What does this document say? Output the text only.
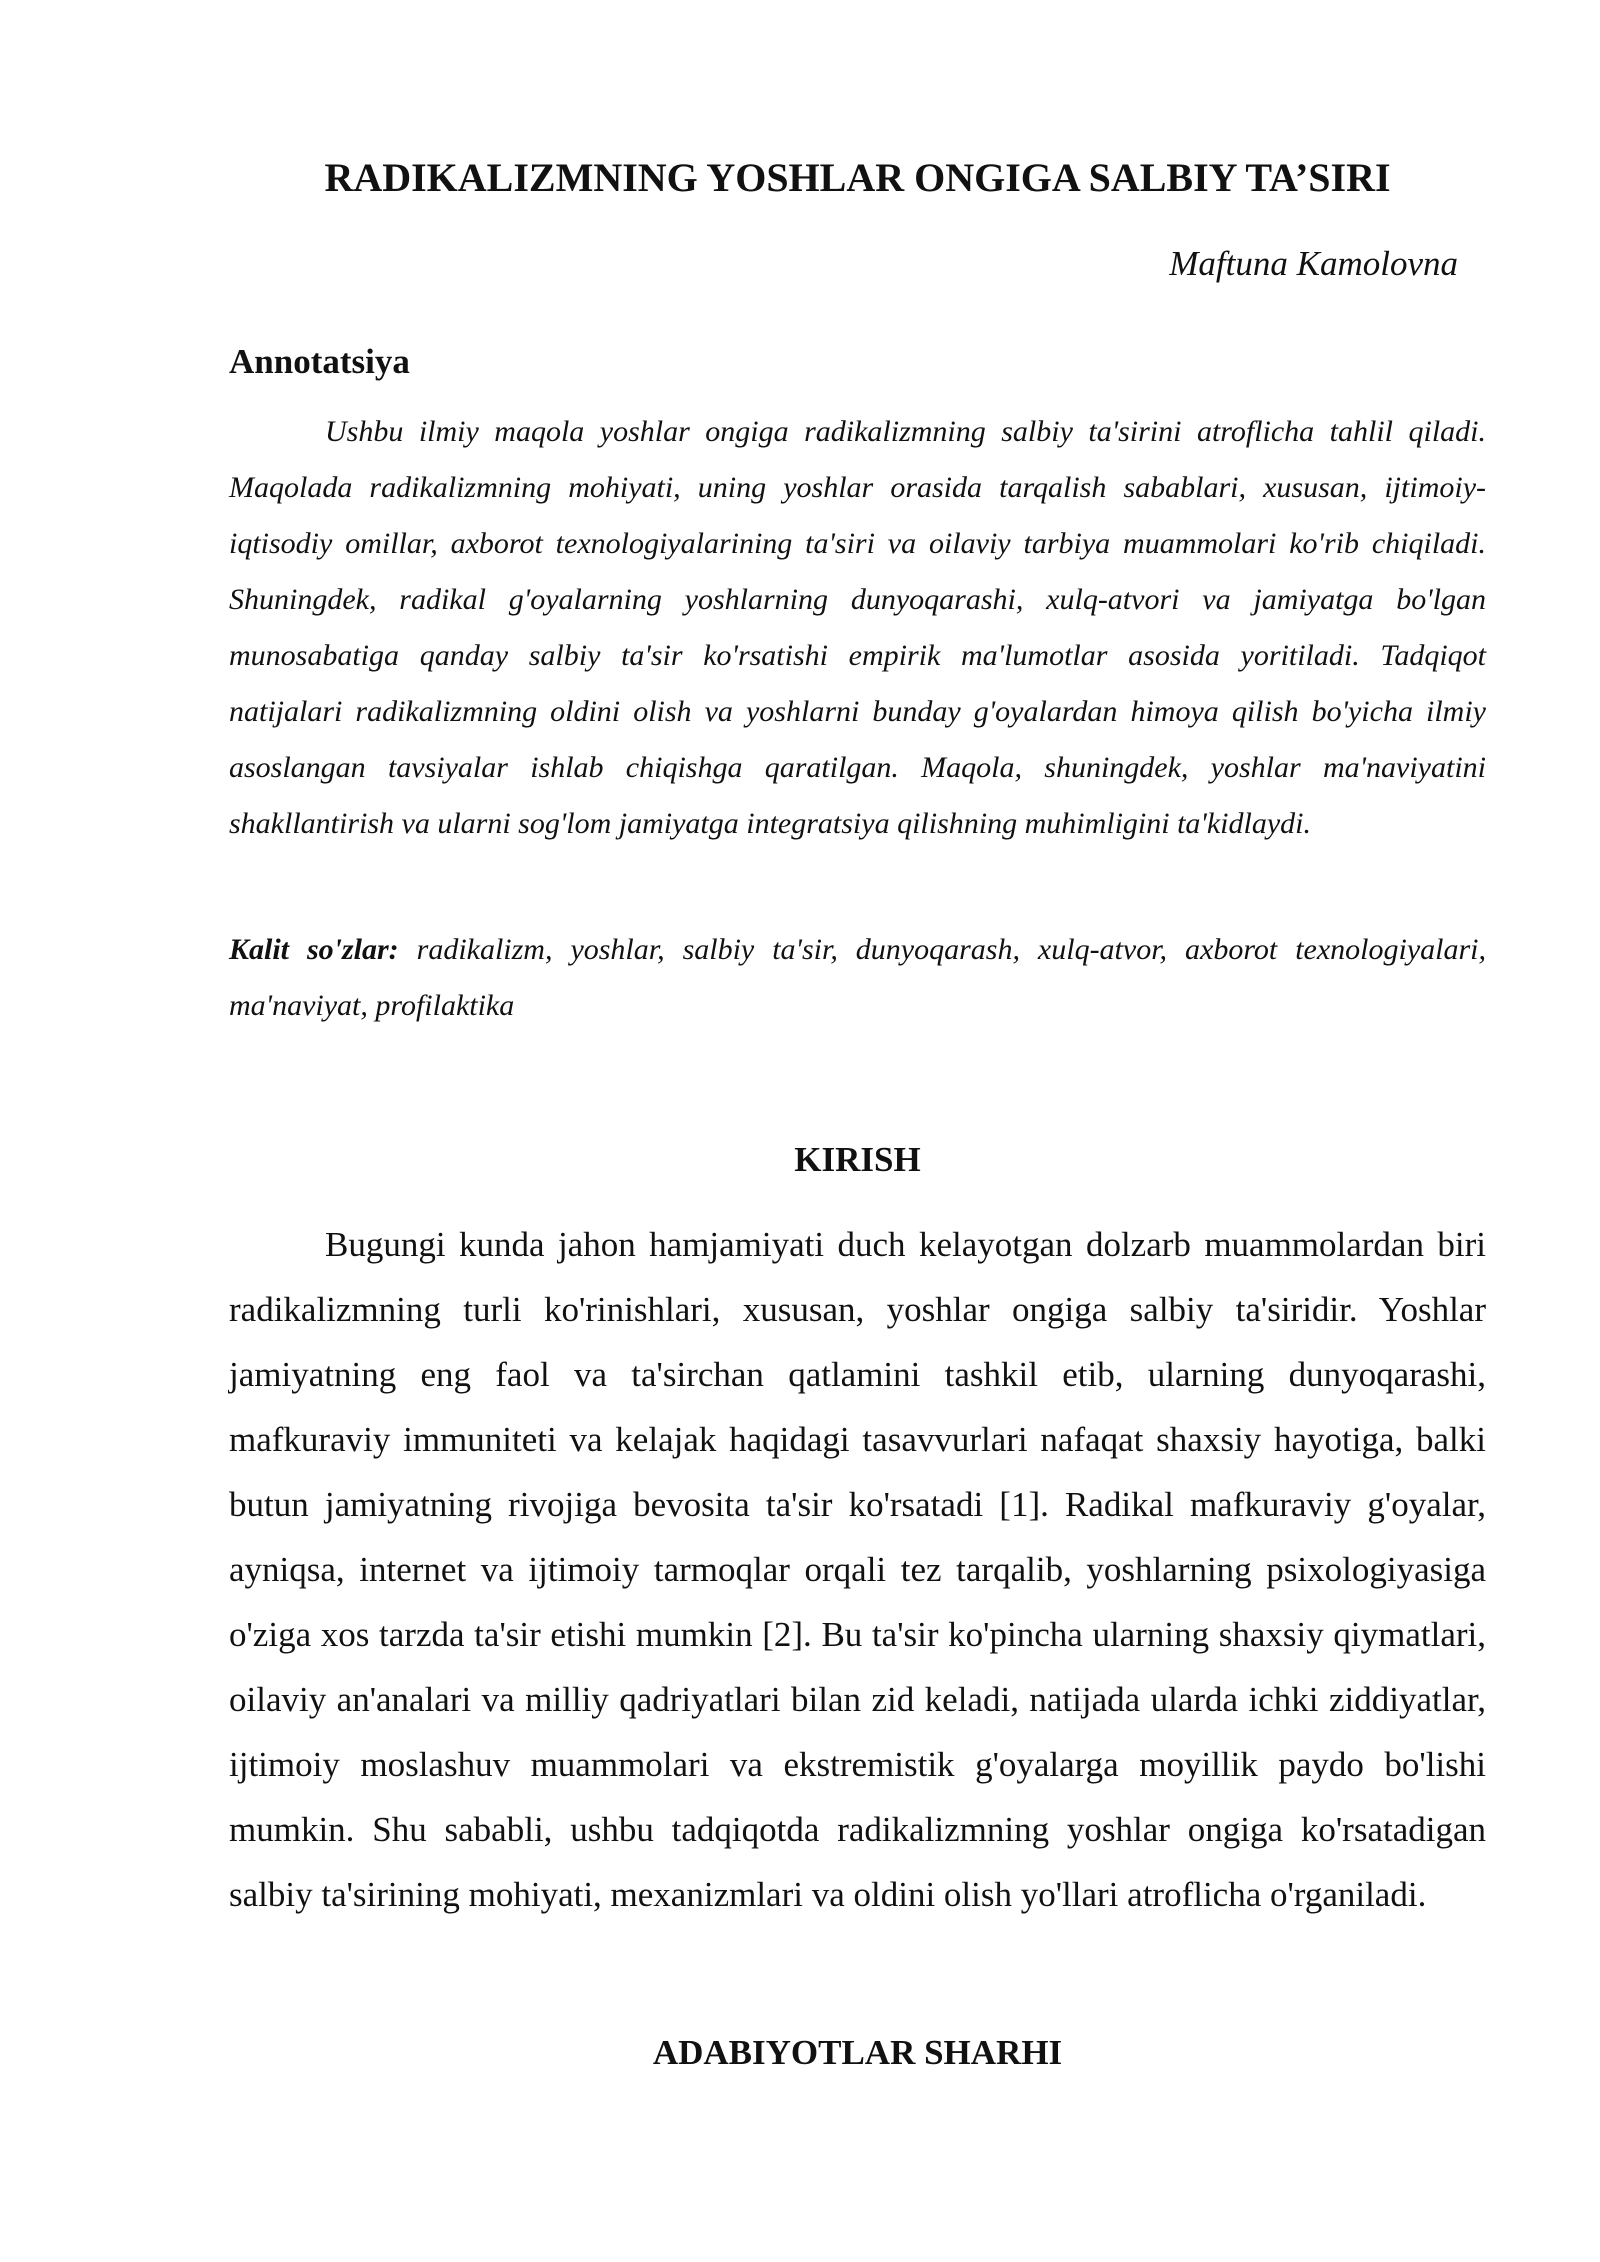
RADIKALIZMNING YOSHLAR ONGIGA SALBIY TA’SIRI

Maftuna Kamolovna

Annotatsiya

Ushbu ilmiy maqola yoshlar ongiga radikalizmning salbiy ta'sirini atroflicha tahlil qiladi. Maqolada radikalizmning mohiyati, uning yoshlar orasida tarqalish sabablari, xususan, ijtimoiy-iqtisodiy omillar, axborot texnologiyalarining ta'siri va oilaviy tarbiya muammolari ko'rib chiqiladi. Shuningdek, radikal g'oyalarning yoshlarning dunyoqarashi, xulq-atvori va jamiyatga bo'lgan munosabatiga qanday salbiy ta'sir ko'rsatishi empirik ma'lumotlar asosida yoritiladi. Tadqiqot natijalari radikalizmning oldini olish va yoshlarni bunday g'oyalardan himoya qilish bo'yicha ilmiy asoslangan tavsiyalar ishlab chiqishga qaratilgan. Maqola, shuningdek, yoshlar ma'naviyatini shakllantirish va ularni sog'lom jamiyatga integratsiya qilishning muhimligini ta'kidlaydi.

Kalit so'zlar: radikalizm, yoshlar, salbiy ta'sir, dunyoqarash, xulq-atvor, axborot texnologiyalari, ma'naviyat, profilaktika

KIRISH

Bugungi kunda jahon hamjamiyati duch kelayotgan dolzarb muammolardan biri radikalizmning turli ko'rinishlari, xususan, yoshlar ongiga salbiy ta'siridir. Yoshlar jamiyatning eng faol va ta'sirchan qatlamini tashkil etib, ularning dunyoqarashi, mafkuraviy immuniteti va kelajak haqidagi tasavvurlari nafaqat shaxsiy hayotiga, balki butun jamiyatning rivojiga bevosita ta'sir ko'rsatadi [1]. Radikal mafkuraviy g'oyalar, ayniqsa, internet va ijtimoiy tarmoqlar orqali tez tarqalib, yoshlarning psixologiyasiga o'ziga xos tarzda ta'sir etishi mumkin [2]. Bu ta'sir ko'pincha ularning shaxsiy qiymatlari, oilaviy an'analari va milliy qadriyatlari bilan zid keladi, natijada ularda ichki ziddiyatlar, ijtimoiy moslashuv muammolari va ekstremistik g'oyalarga moyillik paydo bo'lishi mumkin. Shu sababli, ushbu tadqiqotda radikalizmning yoshlar ongiga ko'rsatadigan salbiy ta'sirining mohiyati, mexanizmlari va oldini olish yo'llari atroflicha o'rganiladi.

ADABIYOTLAR SHARHI
